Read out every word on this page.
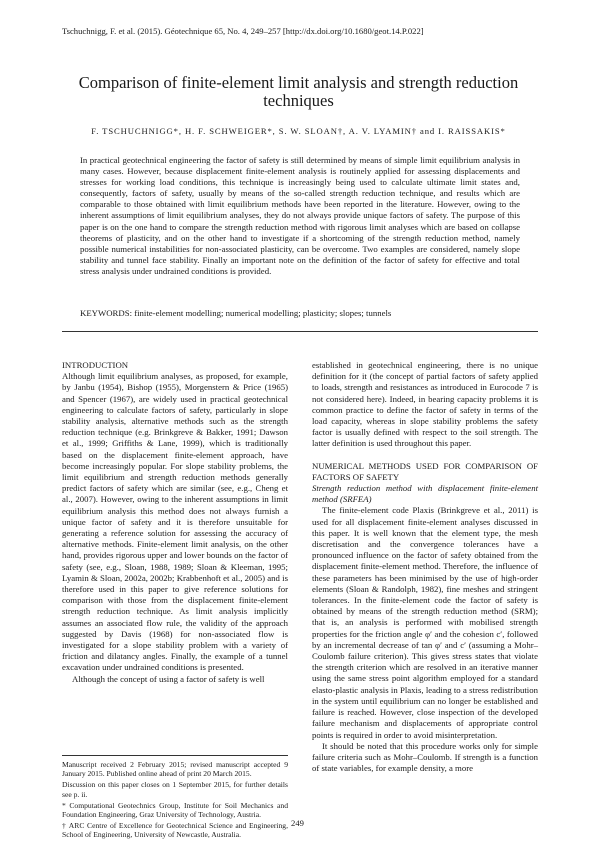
Tschuchnigg, F. et al. (2015). Géotechnique 65, No. 4, 249–257 [http://dx.doi.org/10.1680/geot.14.P.022]
Comparison of finite-element limit analysis and strength reduction techniques
F. TSCHUCHNIGG*, H. F. SCHWEIGER*, S. W. SLOAN†, A. V. LYAMIN† and I. RAISSAKIS*
In practical geotechnical engineering the factor of safety is still determined by means of simple limit equilibrium analysis in many cases. However, because displacement finite-element analysis is routinely applied for assessing displacements and stresses for working load conditions, this technique is increasingly being used to calculate ultimate limit states and, consequently, factors of safety, usually by means of the so-called strength reduction technique, and results which are comparable to those obtained with limit equilibrium methods have been reported in the literature. However, owing to the inherent assumptions of limit equilibrium analyses, they do not always provide unique factors of safety. The purpose of this paper is on the one hand to compare the strength reduction method with rigorous limit analyses which are based on collapse theorems of plasticity, and on the other hand to investigate if a shortcoming of the strength reduction method, namely possible numerical instabilities for non-associated plasticity, can be overcome. Two examples are considered, namely slope stability and tunnel face stability. Finally an important note on the definition of the factor of safety for effective and total stress analysis under undrained conditions is provided.
KEYWORDS: finite-element modelling; numerical modelling; plasticity; slopes; tunnels

INTRODUCTION

Although limit equilibrium analyses, as proposed, for example, by Janbu (1954), Bishop (1955), Morgenstern & Price (1965) and Spencer (1967), are widely used in practical geotechnical engineering to calculate factors of safety, particularly in slope stability analysis, alternative methods such as the strength reduction technique (e.g. Brinkgreve & Bakker, 1991; Dawson et al., 1999; Griffiths & Lane, 1999), which is traditionally based on the displacement finite-element approach, have become increasingly popular. For slope stability problems, the limit equilibrium and strength reduction methods generally predict factors of safety which are similar (see, e.g., Cheng et al., 2007). However, owing to the inherent assumptions in limit equilibrium analysis this method does not always furnish a unique factor of safety and it is therefore unsuitable for generating a reference solution for assessing the accuracy of alternative methods. Finite-element limit analysis, on the other hand, provides rigorous upper and lower bounds on the factor of safety (see, e.g., Sloan, 1988, 1989; Sloan & Kleeman, 1995; Lyamin & Sloan, 2002a, 2002b; Krabbenhoft et al., 2005) and is therefore used in this paper to give reference solutions for comparison with those from the displacement finite-element strength reduction technique. As limit analysis implicitly assumes an associated flow rule, the validity of the approach suggested by Davis (1968) for non-associated flow is investigated for a slope stability problem with a variety of friction and dilatancy angles. Finally, the example of a tunnel excavation under undrained conditions is presented.

Although the concept of using a factor of safety is well

established in geotechnical engineering, there is no unique definition for it (the concept of partial factors of safety applied to loads, strength and resistances as introduced in Eurocode 7 is not considered here). Indeed, in bearing capacity problems it is common practice to define the factor of safety in terms of the load capacity, whereas in slope stability problems the safety factor is usually defined with respect to the soil strength. The latter definition is used throughout this paper.

NUMERICAL METHODS USED FOR COMPARISON OF FACTORS OF SAFETY

Strength reduction method with displacement finite-element method (SRFEA)

The finite-element code Plaxis (Brinkgreve et al., 2011) is used for all displacement finite-element analyses discussed in this paper. It is well known that the element type, the mesh discretisation and the convergence tolerances have a pronounced influence on the factor of safety obtained from the displacement finite-element method. Therefore, the influence of these parameters has been minimised by the use of high-order elements (Sloan & Randolph, 1982), fine meshes and stringent tolerances. In the finite-element code the factor of safety is obtained by means of the strength reduction method (SRM); that is, an analysis is performed with mobilised strength properties for the friction angle φ′ and the cohesion c′, followed by an incremental decrease of tan φ′ and c′ (assuming a Mohr–Coulomb failure criterion). This gives stress states that violate the strength criterion which are resolved in an iterative manner using the same stress point algorithm employed for a standard elasto-plastic analysis in Plaxis, leading to a stress redistribution in the system until equilibrium can no longer be established and failure is reached. However, close inspection of the developed failure mechanism and displacements of appropriate control points is required in order to avoid misinterpretation.

It should be noted that this procedure works only for simple failure criteria such as Mohr–Coulomb. If strength is a function of state variables, for example density, a more

Manuscript received 2 February 2015; revised manuscript accepted 9 January 2015. Published online ahead of print 20 March 2015.

Discussion on this paper closes on 1 September 2015, for further details see p. ii.

* Computational Geotechnics Group, Institute for Soil Mechanics and Foundation Engineering, Graz University of Technology, Austria.

† ARC Centre of Excellence for Geotechnical Science and Engineering, School of Engineering, University of Newcastle, Australia.

249
